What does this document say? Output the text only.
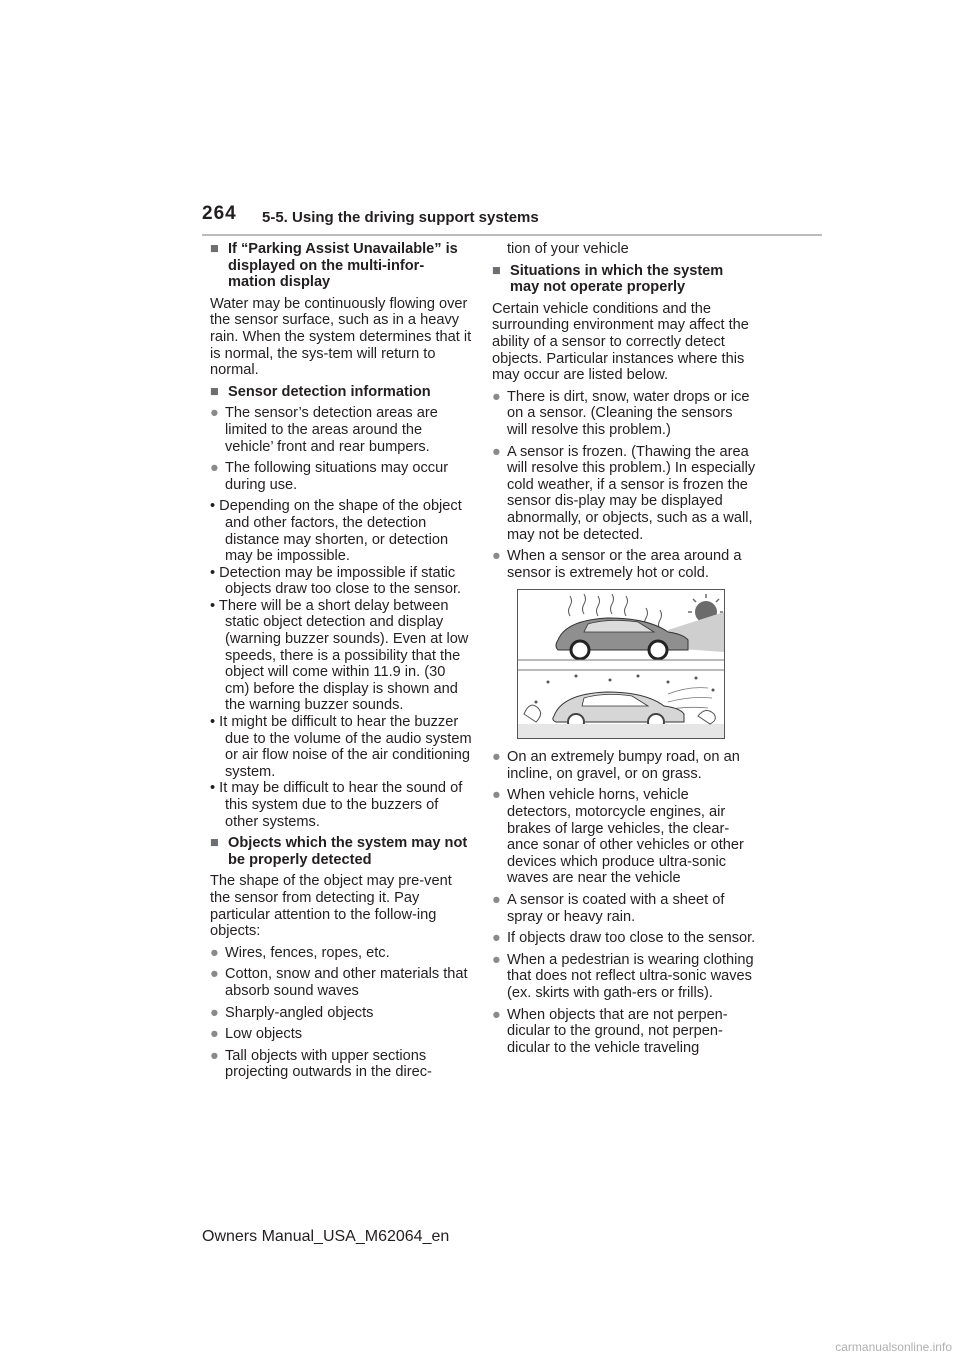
264 5-5. Using the driving support systems
■ If “Parking Assist Unavailable” is displayed on the multi-infor-mation display

Water may be continuously flowing over the sensor surface, such as in a heavy rain. When the system determines that it is normal, the sys-tem will return to normal.

■ Sensor detection information
● The sensor’s detection areas are limited to the areas around the vehicle’ front and rear bumpers.
● The following situations may occur during use.
• Depending on the shape of the object and other factors, the detection distance may shorten, or detection may be impossible.
• Detection may be impossible if static objects draw too close to the sensor.
• There will be a short delay between static object detection and display (warning buzzer sounds). Even at low speeds, there is a possibility that the object will come within 11.9 in. (30 cm) before the display is shown and the warning buzzer sounds.
• It might be difficult to hear the buzzer due to the volume of the audio system or air flow noise of the air conditioning system.
• It may be difficult to hear the sound of this system due to the buzzers of other systems.
■ Objects which the system may not be properly detected

The shape of the object may pre-vent the sensor from detecting it. Pay particular attention to the follow-ing objects:

● Wires, fences, ropes, etc.
● Cotton, snow and other materials that absorb sound waves
● Sharply-angled objects
● Low objects
● Tall objects with upper sections projecting outwards in the direc-

tion of your vehicle

■ Situations in which the system may not operate properly

Certain vehicle conditions and the surrounding environment may affect the ability of a sensor to correctly detect objects. Particular instances where this may occur are listed below.

● There is dirt, snow, water drops or ice on a sensor. (Cleaning the sensors will resolve this problem.)
● A sensor is frozen. (Thawing the area will resolve this problem.) In especially cold weather, if a sensor is frozen the sensor dis-play may be displayed abnormally, or objects, such as a wall, may not be detected.
● When a sensor or the area around a sensor is extremely hot or cold.
● On an extremely bumpy road, on an incline, on gravel, or on grass.
● When vehicle horns, vehicle detectors, motorcycle engines, air brakes of large vehicles, the clear-ance sonar of other vehicles or other devices which produce ultra-sonic waves are near the vehicle
● A sensor is coated with a sheet of spray or heavy rain.
● If objects draw too close to the sensor.
● When a pedestrian is wearing clothing that does not reflect ultra-sonic waves (ex. skirts with gath-ers or frills).
● When objects that are not perpen-dicular to the ground, not perpen-dicular to the vehicle traveling
Owners Manual_USA_M62064_en
carmanualsonline.info
